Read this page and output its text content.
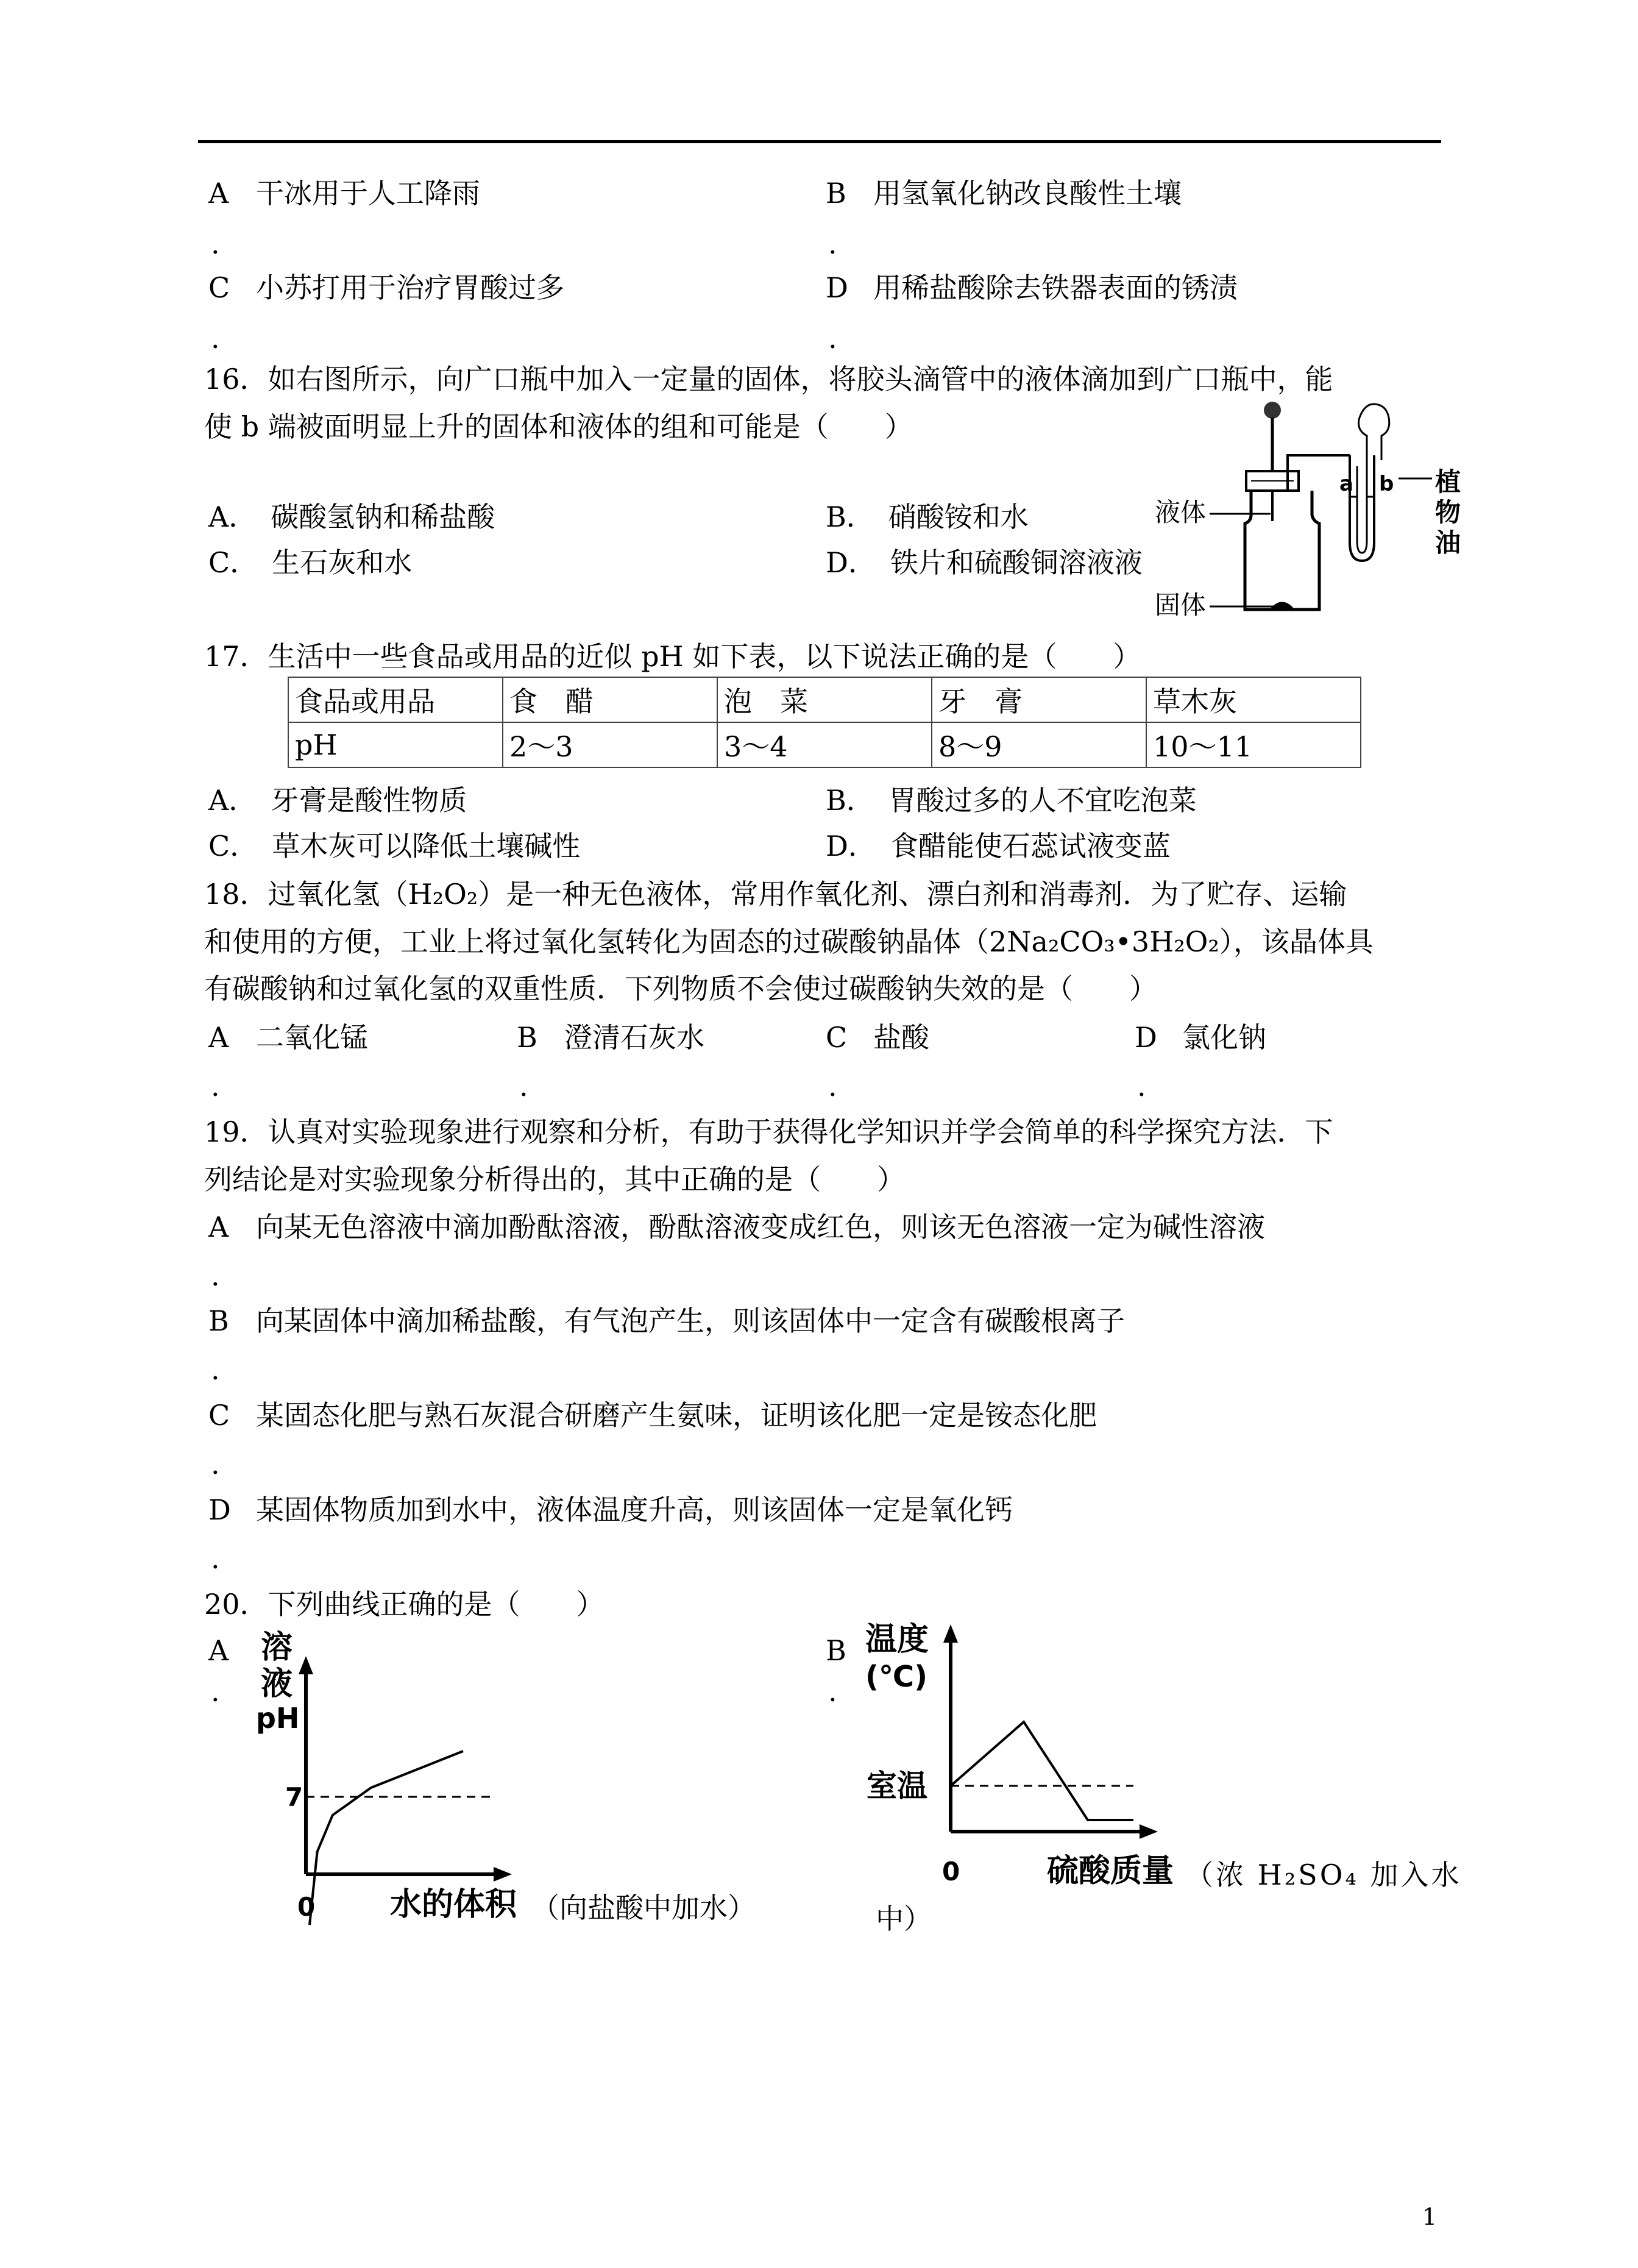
A 干冰用于人工降雨
.
B 用氢氧化钠改良酸性土壤
.
C 小苏打用于治疗胃酸过多
.
D 用稀盐酸除去铁器表面的锈渍
.
16．如右图所示，向广口瓶中加入一定量的固体，将胶头滴管中的液体滴加到广口瓶中，能
使 b 端被面明显上升的固体和液体的组和可能是（　　）
A．　碳酸氢钠和稀盐酸	B．　硝酸铵和水
C．　生石灰和水	D．　铁片和硫酸铜溶液液
a b 植
物
油
液体
固体
17．生活中一些食品或用品的近似 pH 如下表，以下说法正确的是（　　）
食品或用品	食　醋	泡　菜	牙　膏	草木灰
pH	2～3	3～4	8～9	10～11
A．　牙膏是酸性物质	B．　胃酸过多的人不宜吃泡菜
C．　草木灰可以降低土壤碱性	D．　食醋能使石蕊试液变蓝
18．过氧化氢（H₂O₂）是一种无色液体，常用作氧化剂、漂白剂和消毒剂．为了贮存、运输
和使用的方便，工业上将过氧化氢转化为固态的过碳酸钠晶体（2Na₂CO₃•3H₂O₂），该晶体具
有碳酸钠和过氧化氢的双重性质．下列物质不会使过碳酸钠失效的是（　　）
A 二氧化锰
.
B 澄清石灰水
.
C 盐酸
.
D 氯化钠
.
19．认真对实验现象进行观察和分析，有助于获得化学知识并学会简单的科学探究方法．下
列结论是对实验现象分析得出的，其中正确的是（　　）
A 向某无色溶液中滴加酚酞溶液，酚酞溶液变成红色，则该无色溶液一定为碱性溶液
.
B 向某固体中滴加稀盐酸，有气泡产生，则该固体中一定含有碳酸根离子
.
C 某固态化肥与熟石灰混合研磨产生氨味，证明该化肥一定是铵态化肥
.
D 某固体物质加到水中，液体温度升高，则该固体一定是氧化钙
.
20．下列曲线正确的是（　　）
A
.
B
.
溶
液
pH
7
0 水的体积 （向盐酸中加水）
温度
(℃)
室温
0	硫酸质量 （浓 H₂SO₄ 加入水
中）
1
